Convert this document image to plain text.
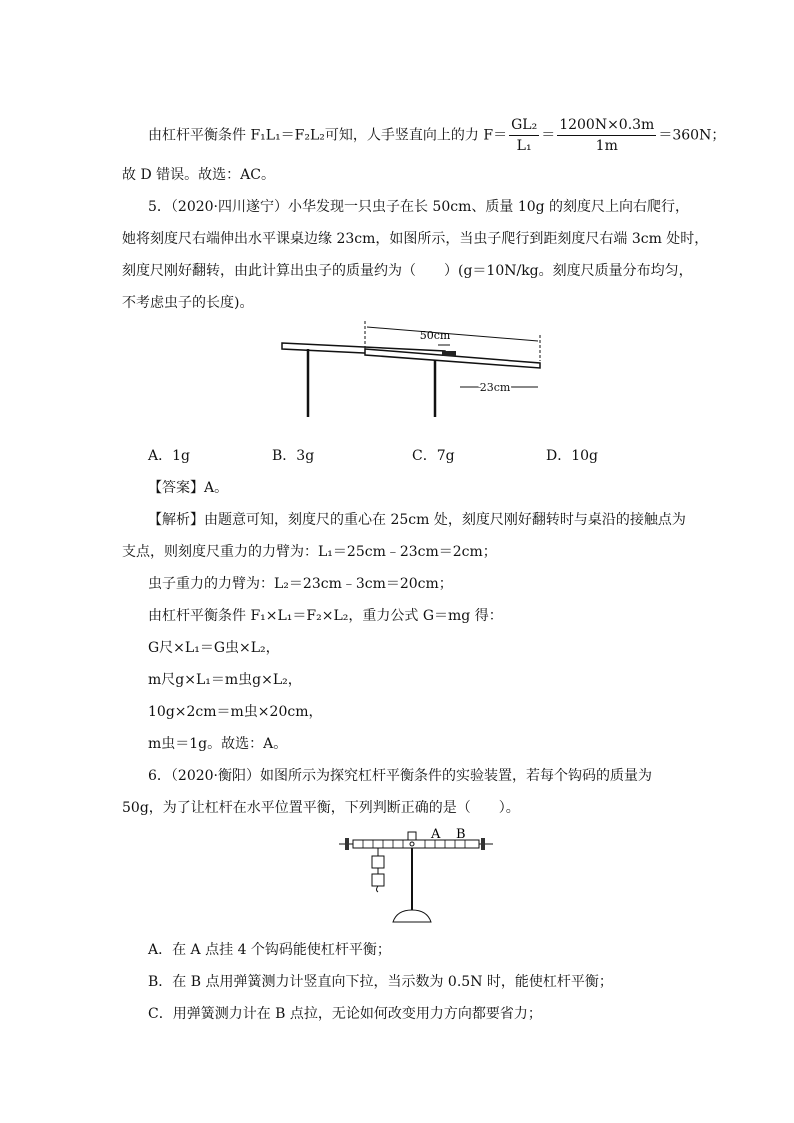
由杠杆平衡条件 F₁L₁＝F₂L₂可知，人手竖直向上的力 $F= \frac{\text{GL₂}}{\text{L₁}} = \frac{1200N\times 0.3m}{1m} =360N$；
故 D 错误。故选：AC。
5．（2020·四川遂宁）小华发现一只虫子在长 50cm、质量 10g 的刻度尺上向右爬行，
她将刻度尺右端伸出水平课桌边缘 23cm，如图所示，当虫子爬行到距刻度尺右端 3cm 处时，
刻度尺刚好翻转，由此计算出虫子的质量约为（　　）(g＝10N/kg。刻度尺质量分布均匀，
不考虑虫子的长度)。
50cm
23cm
A．1g	B．3g	C．7g	D．10g
【答案】A。
【解析】由题意可知，刻度尺的重心在 25cm 处，刻度尺刚好翻转时与桌沿的接触点为
支点，则刻度尺重力的力臂为：L₁＝25cm﹣23cm＝2cm；
虫子重力的力臂为：L₂＝23cm﹣3cm＝20cm；
由杠杆平衡条件 F₁×L₁＝F₂×L₂，重力公式 G＝mg 得：
G尺×L₁＝G虫×L₂，
m尺g×L₁＝m虫g×L₂，
10g×2cm＝m虫×20cm，
m虫＝1g。故选：A。
6．（2020·衡阳）如图所示为探究杠杆平衡条件的实验装置，若每个钩码的质量为
50g，为了让杠杆在水平位置平衡，下列判断正确的是（　　）。
A B
A．在 A 点挂 4 个钩码能使杠杆平衡；
B．在 B 点用弹簧测力计竖直向下拉，当示数为 0.5N 时，能使杠杆平衡；
C．用弹簧测力计在 B 点拉，无论如何改变用力方向都要省力；
